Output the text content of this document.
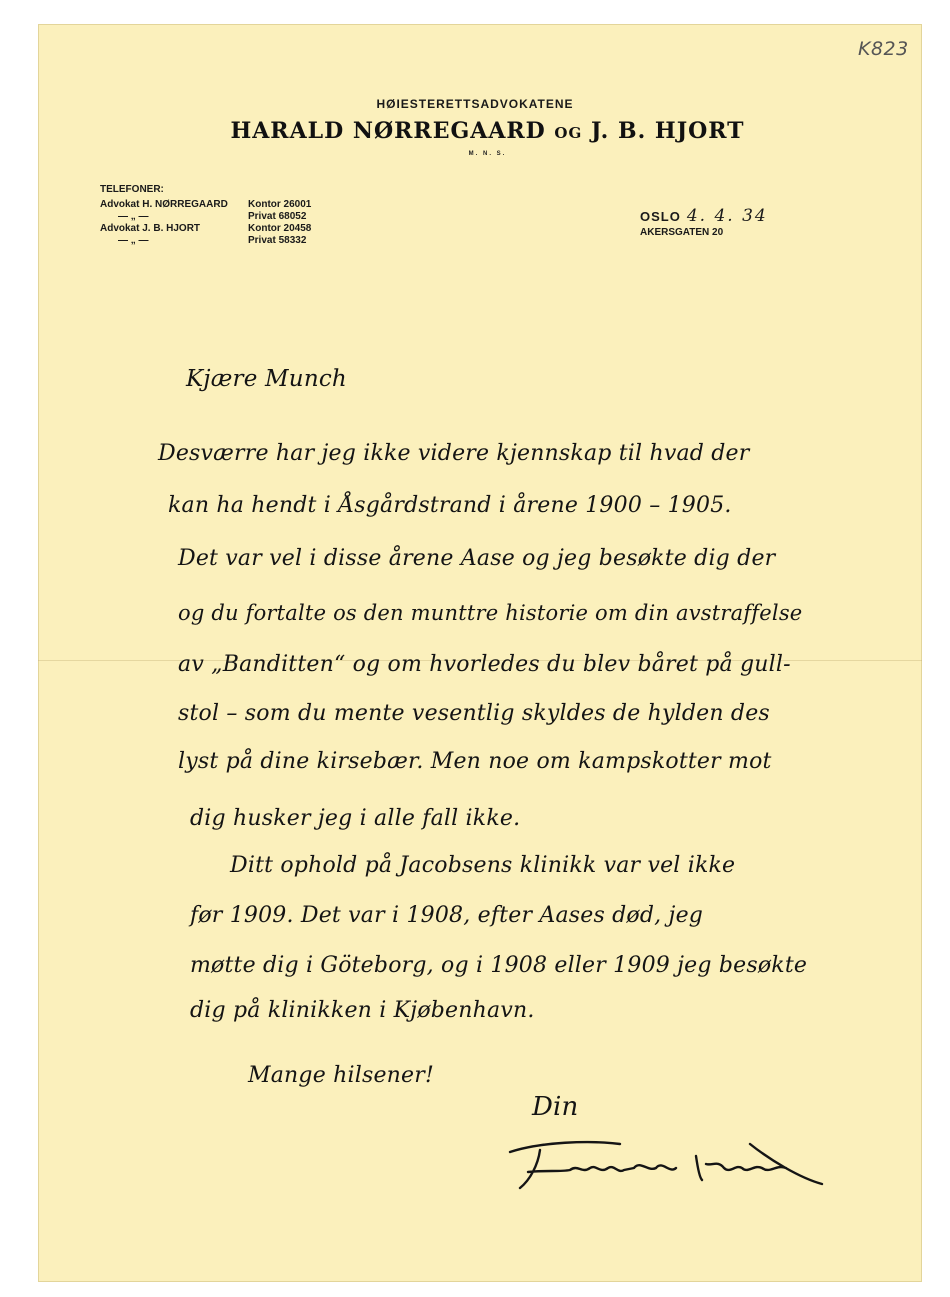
K823
HØIESTERETTSADVOKATENE
HARALD NØRREGAARD OG J. B. HJORT
M. N. S.
TELEFONER:
Advokat H. NØRREGAARD Kontor 26001
— „ —	Privat 68052
Advokat J. B. HJORT	Kontor 20458
— „ —	Privat 58332
OSLO 4. 4. 34
AKERSGATEN 20
Kjære Munch
Desværre har jeg ikke videre kjennskap til hvad der
kan ha hendt i Åsgårdstrand i årene 1900 – 1905.
Det var vel i disse årene Aase og jeg besøkte dig der
og du fortalte os den munttre historie om din avstraffelse
av „Banditten“ og om hvorledes du blev båret på gull-
stol – som du mente vesentlig skyldes de hylden des
lyst på dine kirsebær. Men noe om kampskotter mot
dig husker jeg i alle fall ikke.
Ditt ophold på Jacobsens klinikk var vel ikke
før 1909. Det var i 1908, efter Aases død, jeg
møtte dig i Göteborg, og i 1908 eller 1909 jeg besøkte
dig på klinikken i Kjøbenhavn.
Mange hilsener!
Din
